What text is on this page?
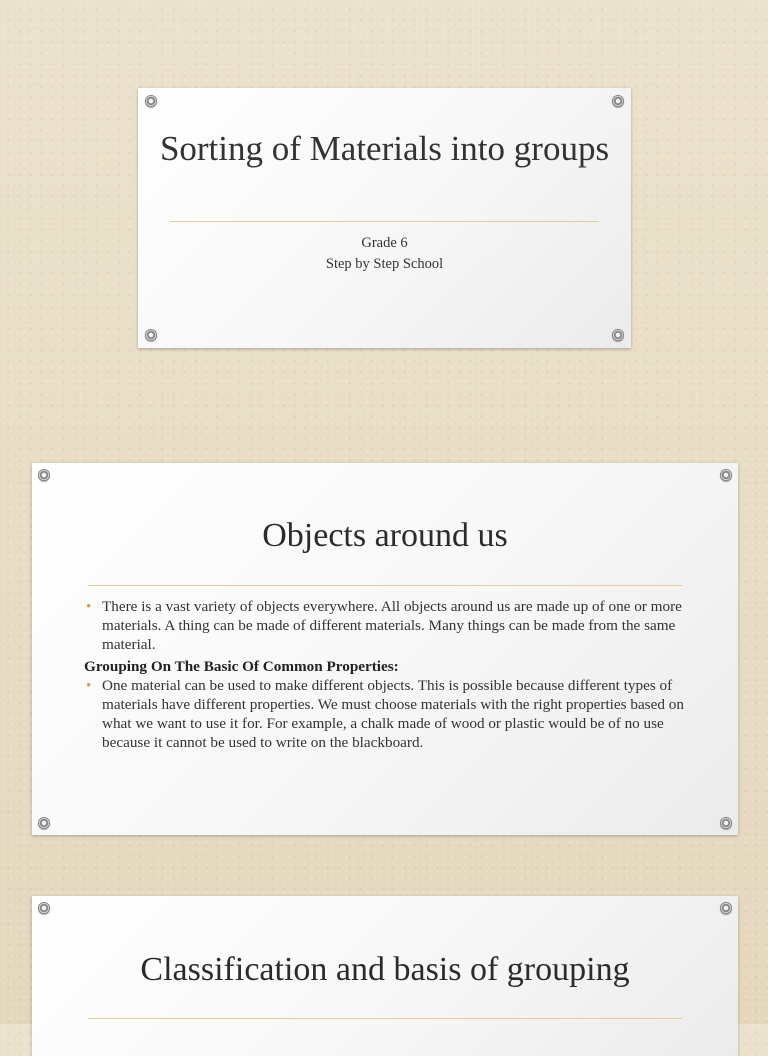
Sorting of Materials into groups
Grade 6
Step by Step School
Objects around us
• There is a vast variety of objects everywhere. All objects around us are made up of one or more materials. A thing can be made of different materials. Many things can be made from the same material.
Grouping On The Basic Of Common Properties:
• One material can be used to make different objects. This is possible because different types of materials have different properties. We must choose materials with the right properties based on what we want to use it for. For example, a chalk made of wood or plastic would be of no use because it cannot be used to write on the blackboard.
Classification and basis of grouping
